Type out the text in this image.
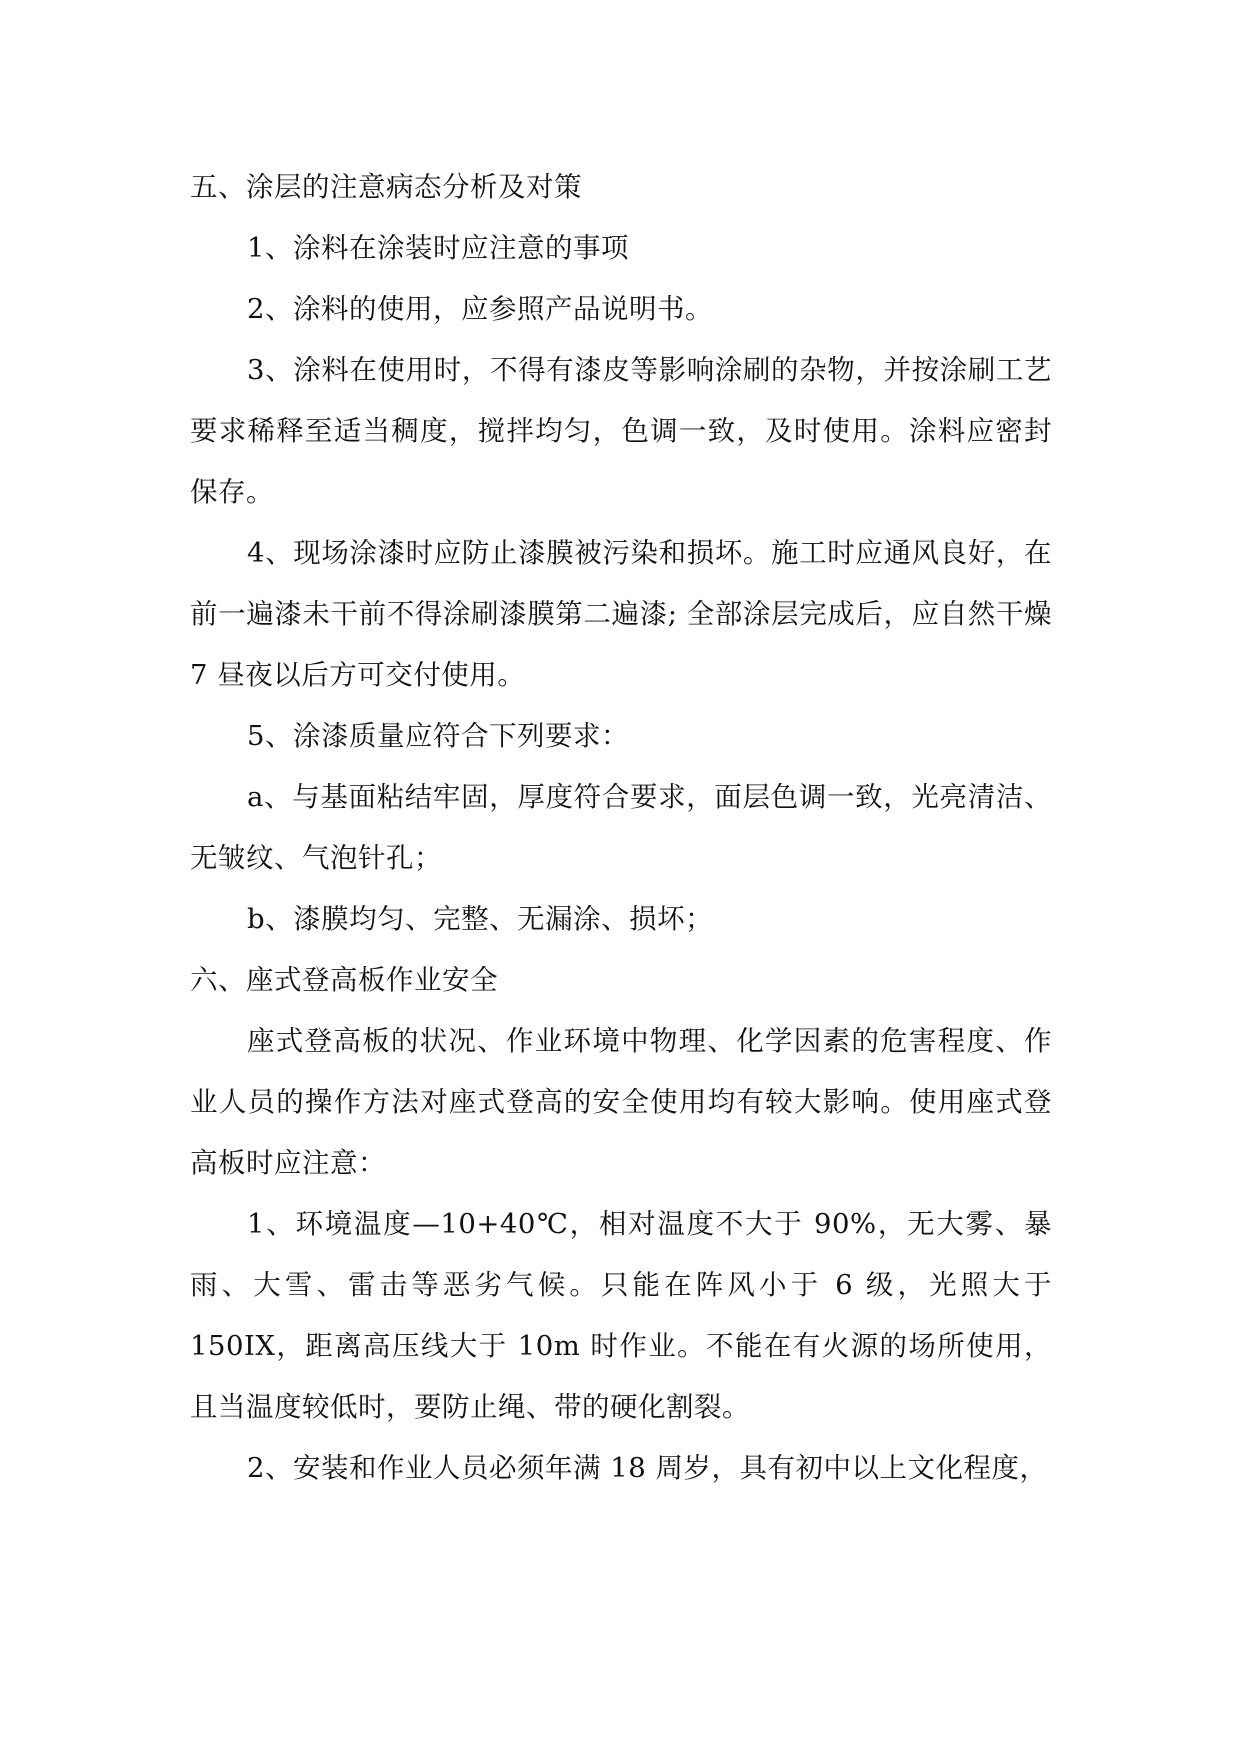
五、涂层的注意病态分析及对策

1、涂料在涂装时应注意的事项

2、涂料的使用，应参照产品说明书。

3、涂料在使用时，不得有漆皮等影响涂刷的杂物，并按涂刷工艺要求稀释至适当稠度，搅拌均匀，色调一致，及时使用。涂料应密封保存。

4、现场涂漆时应防止漆膜被污染和损坏。施工时应通风良好，在前一遍漆未干前不得涂刷漆膜第二遍漆; 全部涂层完成后，应自然干燥 7 昼夜以后方可交付使用。

5、涂漆质量应符合下列要求：

a、与基面粘结牢固，厚度符合要求，面层色调一致，光亮清洁、无皱纹、气泡针孔；

b、漆膜均匀、完整、无漏涂、损坏；

六、座式登高板作业安全

座式登高板的状况、作业环境中物理、化学因素的危害程度、作业人员的操作方法对座式登高的安全使用均有较大影响。使用座式登高板时应注意：

1、环境温度—10+40℃，相对温度不大于 90%，无大雾、暴雨、大雪、雷击等恶劣气候。只能在阵风小于 6 级，光照大于 150IX，距离高压线大于 10m 时作业。不能在有火源的场所使用，且当温度较低时，要防止绳、带的硬化割裂。

2、安装和作业人员必须年满 18 周岁，具有初中以上文化程度，
